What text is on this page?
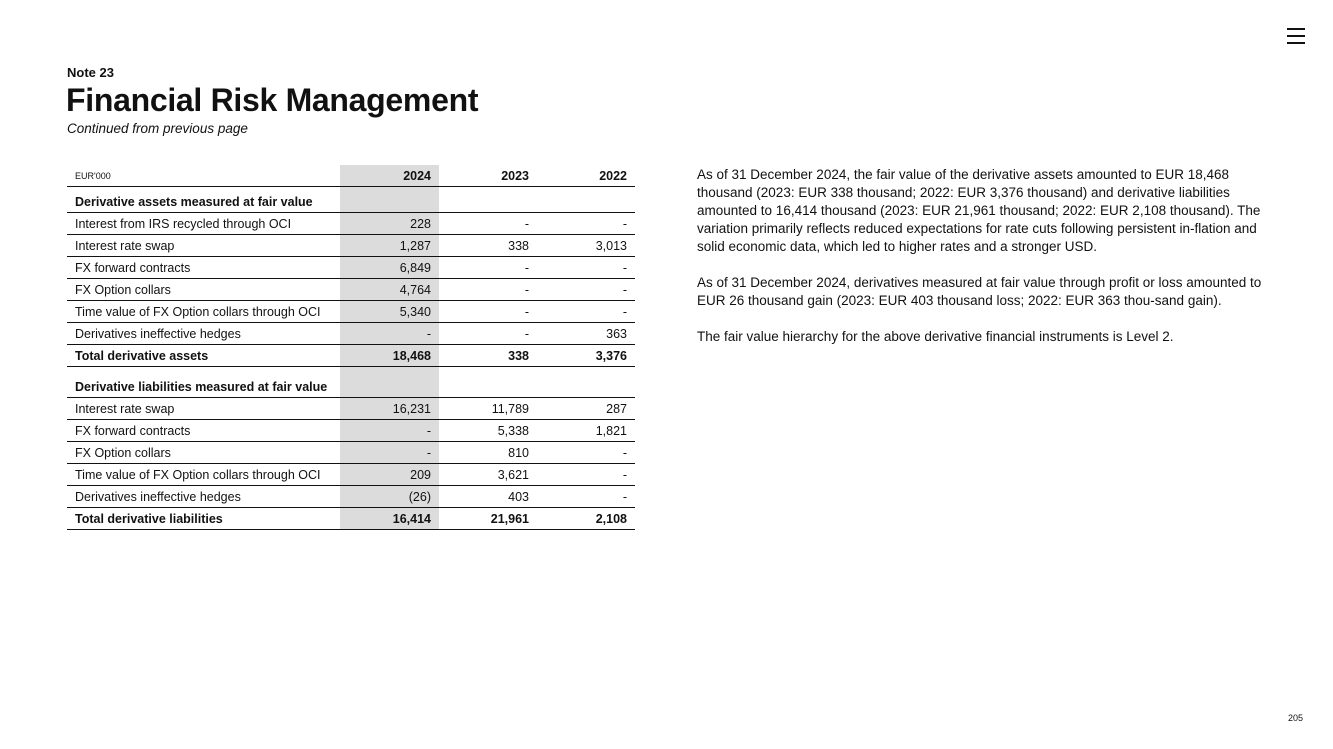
Note 23

Financial Risk Management

Continued from previous page

EUR'000	2024	2023	2022
Derivative assets measured at fair value			
Interest from IRS recycled through OCI	228	-	-
Interest rate swap	1,287	338	3,013
FX forward contracts	6,849	-	-
FX Option collars	4,764	-	-
Time value of FX Option collars through OCI	5,340	-	-
Derivatives ineffective hedges	-	-	363
Total derivative assets	18,468	338	3,376
Derivative liabilities measured at fair value			
Interest rate swap	16,231	11,789	287
FX forward contracts	-	5,338	1,821
FX Option collars	-	810	-
Time value of FX Option collars through OCI	209	3,621	-
Derivatives ineffective hedges	(26)	403	-
Total derivative liabilities	16,414	21,961	2,108

As of 31 December 2024, the fair value of the derivative assets amounted to EUR 18,468 thousand (2023: EUR 338 thousand; 2022: EUR 3,376 thousand) and derivative liabilities amounted to 16,414 thousand (2023: EUR 21,961 thousand; 2022: EUR 2,108 thousand). The variation primarily reflects reduced expectations for rate cuts following persistent in-flation and solid economic data, which led to higher rates and a stronger USD.

As of 31 December 2024, derivatives measured at fair value through profit or loss amounted to EUR 26 thousand gain (2023: EUR 403 thousand loss; 2022: EUR 363 thou-sand gain).

The fair value hierarchy for the above derivative financial instruments is Level 2.

205
